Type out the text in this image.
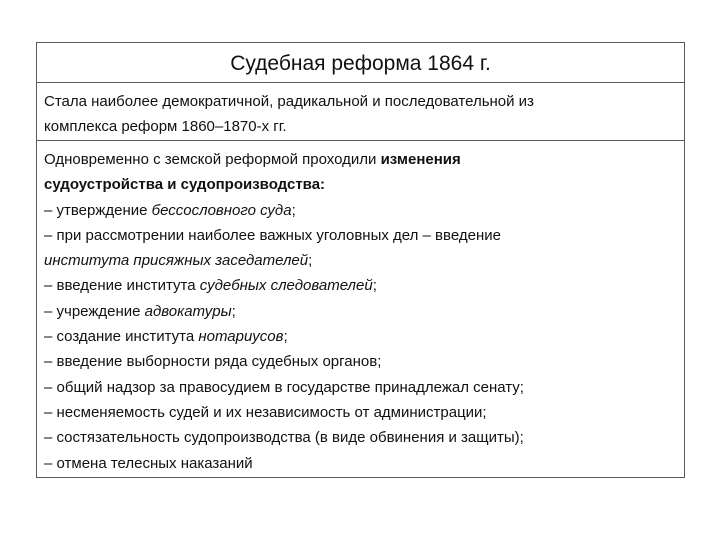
Судебная реформа 1864 г.
Стала наиболее демократичной, радикальной и последовательной из
комплекса реформ 1860–1870-х гг.
Одновременно с земской реформой проходили изменения
судоустройства и судопроизводства:
– утверждение бессословного суда;
– при рассмотрении наиболее важных уголовных дел – введение
института присяжных заседателей;
– введение института судебных следователей;
– учреждение адвокатуры;
– создание института нотариусов;
– введение выборности ряда судебных органов;
– общий надзор за правосудием в государстве принадлежал сенату;
– несменяемость судей и их независимость от администрации;
– состязательность судопроизводства (в виде обвинения и защиты);
– отмена телесных наказаний
